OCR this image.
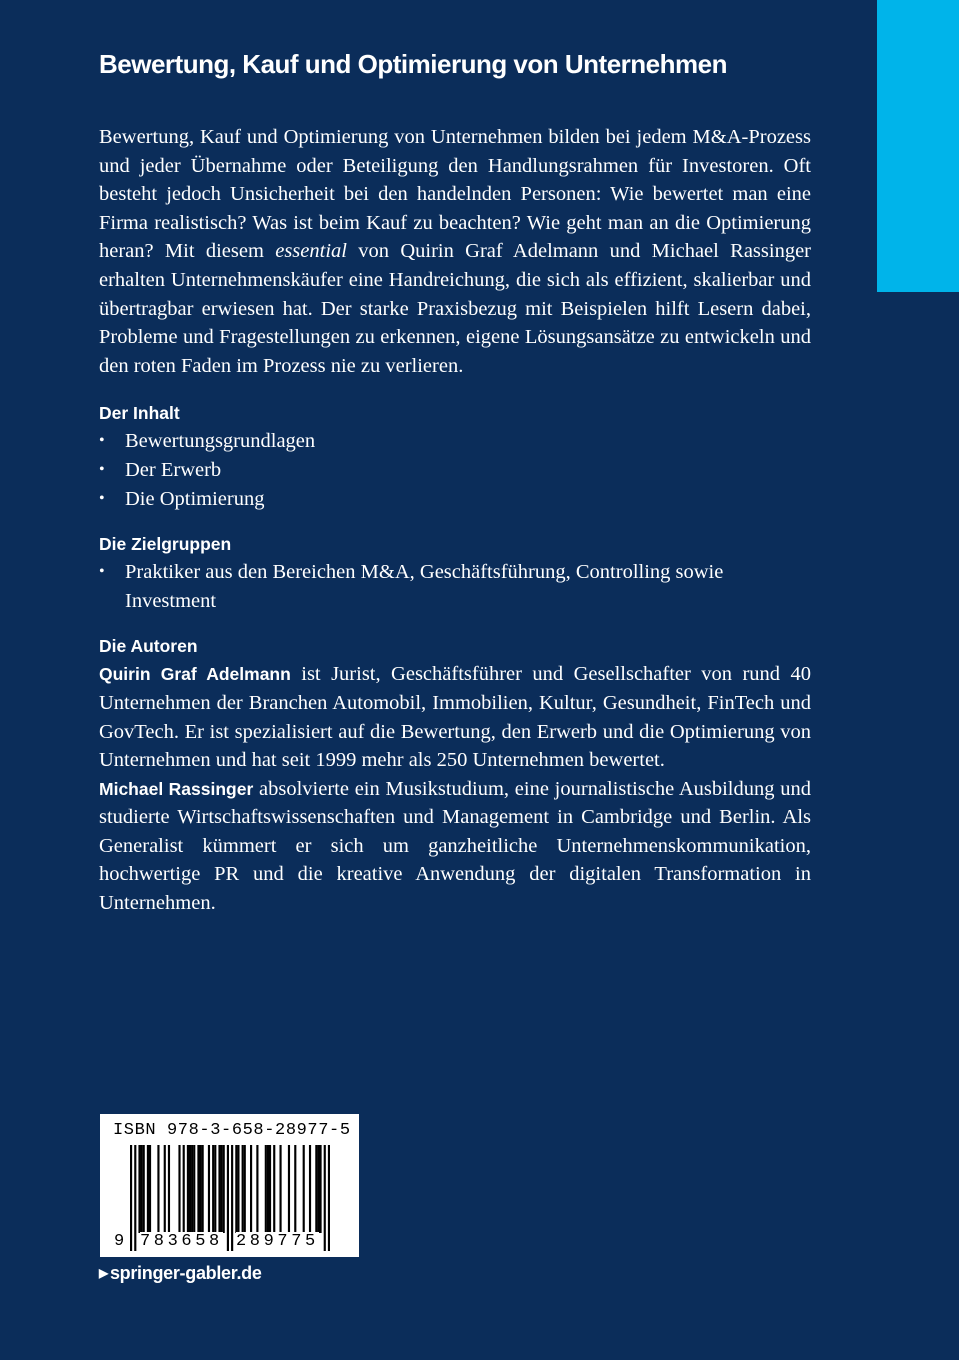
Bewertung, Kauf und Optimierung von Unternehmen

Bewertung, Kauf und Optimierung von Unternehmen bilden bei jedem M&A-Prozess und jeder Übernahme oder Beteiligung den Handlungsrahmen für Investoren. Oft besteht jedoch Unsicherheit bei den handelnden Personen: Wie bewertet man eine Firma realistisch? Was ist beim Kauf zu beachten? Wie geht man an die Optimierung heran? Mit diesem essential von Quirin Graf Adelmann und Michael Rassinger erhalten Unternehmenskäufer eine Handreichung, die sich als effizient, skalierbar und übertragbar erwiesen hat. Der starke Praxisbezug mit Beispielen hilft Lesern dabei, Probleme und Fragestellungen zu erkennen, eigene Lösungsansätze zu entwickeln und den roten Faden im Prozess nie zu verlieren.

Der Inhalt
• Bewertungsgrundlagen
• Der Erwerb
• Die Optimierung
Die Zielgruppen
• Praktiker aus den Bereichen M&A, Geschäftsführung, Controlling sowie Investment
Die Autoren

Quirin Graf Adelmann ist Jurist, Geschäftsführer und Gesellschafter von rund 40 Unternehmen der Branchen Automobil, Immobilien, Kultur, Gesundheit, FinTech und GovTech. Er ist spezialisiert auf die Bewertung, den Erwerb und die Optimierung von Unternehmen und hat seit 1999 mehr als 250 Unternehmen bewertet.

Michael Rassinger absolvierte ein Musikstudium, eine journalistische Ausbildung und studierte Wirtschaftswissenschaften und Management in Cambridge und Berlin. Als Generalist kümmert er sich um ganzheitliche Unternehmenskommunikation, hochwertige PR und die kreative Anwendung der digitalen Transformation in Unternehmen.

ISBN 978-3-658-28977-5
9 783658 289775
▶ springer-gabler.de
